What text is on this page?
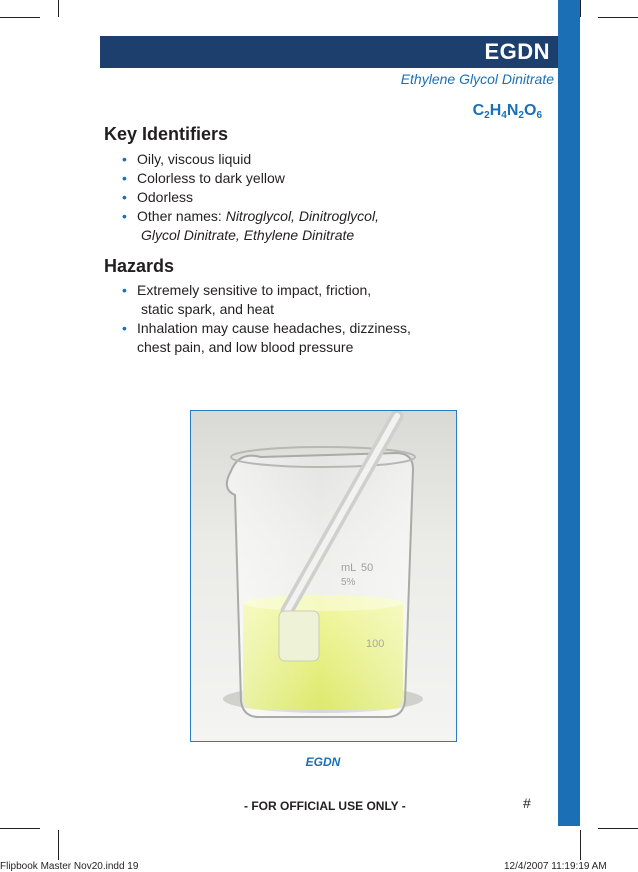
EGDN
Ethylene Glycol Dinitrate
$C_2H_4N_2O_6$
Key Identifiers
• Oily, viscous liquid
• Colorless to dark yellow
• Odorless
• Other names: Nitroglycol, Dinitroglycol,
Glycol Dinitrate, Ethylene Dinitrate
Hazards
• Extremely sensitive to impact, friction,
static spark, and heat
• Inhalation may cause headaches, dizziness,
chest pain, and low blood pressure
mL 50
100
5%
EGDN
- FOR OFFICIAL USE ONLY -	#
Flipbook Master Nov20.indd 19	12/4/2007 11:19:19 AM
